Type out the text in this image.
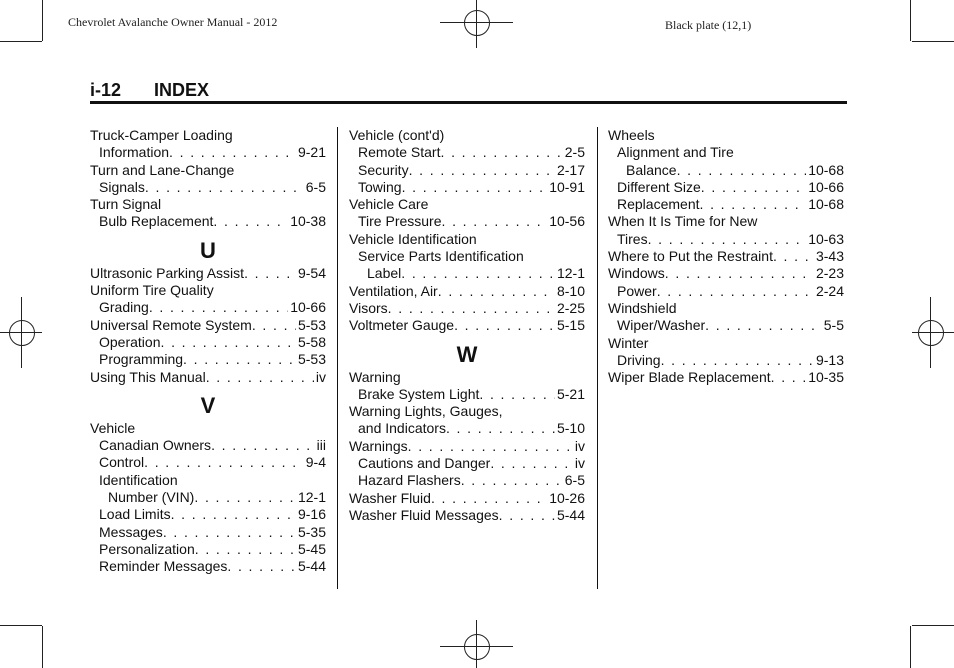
Chevrolet Avalanche Owner Manual - 2012	Black plate (12,1)
i-12 INDEX
Truck-Camper Loading
Information . . .	9-21
Turn and Lane-Change
Signals . . .	6-5
Turn Signal
Bulb Replacement . . .	10-38
U
Ultrasonic Parking Assist . . .	9-54
Uniform Tire Quality
Grading . . .	10-66
Universal Remote System . . .	5-53
Operation . . .	5-58
Programming . . .	5-53
Using This Manual . . .	iv
V
Vehicle
Canadian Owners . . .	iii
Control . . .	9-4
Identification
Number (VIN) . . .	12-1
Load Limits . . .	9-16
Messages . . .	5-35
Personalization . . .	5-45
Reminder Messages . . .	5-44
Vehicle (cont'd)
Remote Start . . .	2-5
Security . . .	2-17
Towing . . .	10-91
Vehicle Care
Tire Pressure . . .	10-56
Vehicle Identification
Service Parts Identification
Label . . .	12-1
Ventilation, Air . . .	8-10
Visors . . .	2-25
Voltmeter Gauge . . .	5-15
W
Warning
Brake System Light . . .	5-21
Warning Lights, Gauges,
and Indicators . . .	5-10
Warnings . . .	iv
Cautions and Danger . . .	iv
Hazard Flashers . . .	6-5
Washer Fluid . . .	10-26
Washer Fluid Messages . . .	5-44
Wheels
Alignment and Tire
Balance . . .	10-68
Different Size . . .	10-66
Replacement . . .	10-68
When It Is Time for New
Tires . . .	10-63
Where to Put the Restraint . . .	3-43
Windows . . .	2-23
Power . . .	2-24
Windshield
Wiper/Washer . . .	5-5
Winter
Driving . . .	9-13
Wiper Blade Replacement . . .	10-35
